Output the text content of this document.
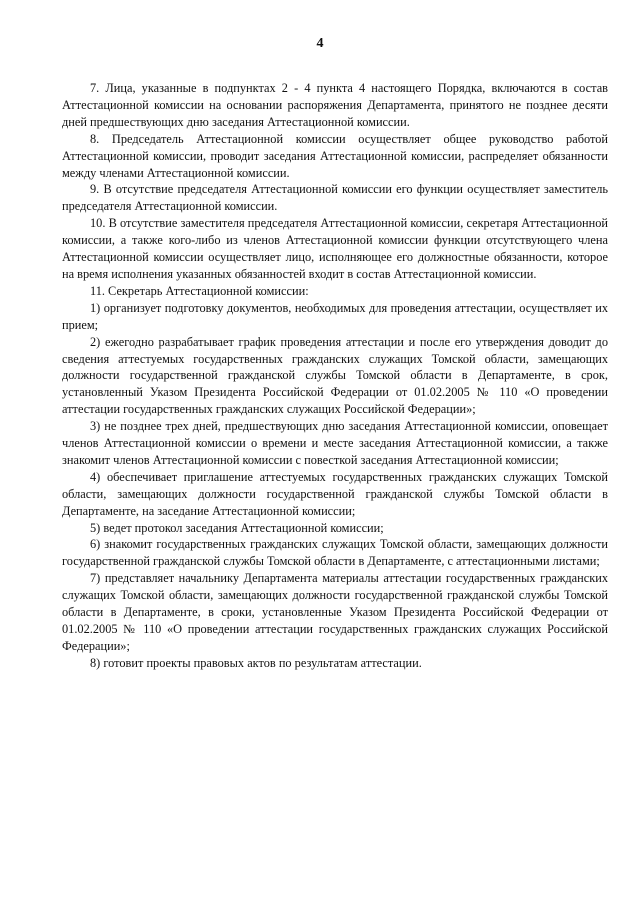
4

7. Лица, указанные в подпунктах 2 - 4 пункта 4 настоящего Порядка, включаются в состав Аттестационной комиссии на основании распоряжения Департамента, принятого не позднее десяти дней предшествующих дню заседания Аттестационной комиссии.

8. Председатель Аттестационной комиссии осуществляет общее руководство работой Аттестационной комиссии, проводит заседания Аттестационной комиссии, распределяет обязанности между членами Аттестационной комиссии.

9. В отсутствие председателя Аттестационной комиссии его функции осуществляет заместитель председателя Аттестационной комиссии.

10. В отсутствие заместителя председателя Аттестационной комиссии, секретаря Аттестационной комиссии, а также кого-либо из членов Аттестационной комиссии функции отсутствующего члена Аттестационной комиссии осуществляет лицо, исполняющее его должностные обязанности, которое на время исполнения указанных обязанностей входит в состав Аттестационной комиссии.

11. Секретарь Аттестационной комиссии:

1) организует подготовку документов, необходимых для проведения аттестации, осуществляет их прием;

2) ежегодно разрабатывает график проведения аттестации и после его утверждения доводит до сведения аттестуемых государственных гражданских служащих Томской области, замещающих должности государственной гражданской службы Томской области в Департаменте, в срок, установленный Указом Президента Российской Федерации от 01.02.2005 № 110 «О проведении аттестации государственных гражданских служащих Российской Федерации»;

3) не позднее трех дней, предшествующих дню заседания Аттестационной комиссии, оповещает членов Аттестационной комиссии о времени и месте заседания Аттестационной комиссии, а также знакомит членов Аттестационной комиссии с повесткой заседания Аттестационной комиссии;

4) обеспечивает приглашение аттестуемых государственных гражданских служащих Томской области, замещающих должности государственной гражданской службы Томской области в Департаменте, на заседание Аттестационной комиссии;

5) ведет протокол заседания Аттестационной комиссии;

6) знакомит государственных гражданских служащих Томской области, замещающих должности государственной гражданской службы Томской области в Департаменте, с аттестационными листами;

7) представляет начальнику Департамента материалы аттестации государственных гражданских служащих Томской области, замещающих должности государственной гражданской службы Томской области в Департаменте, в сроки, установленные Указом Президента Российской Федерации от 01.02.2005 № 110 «О проведении аттестации государственных гражданских служащих Российской Федерации»;

8) готовит проекты правовых актов по результатам аттестации.
